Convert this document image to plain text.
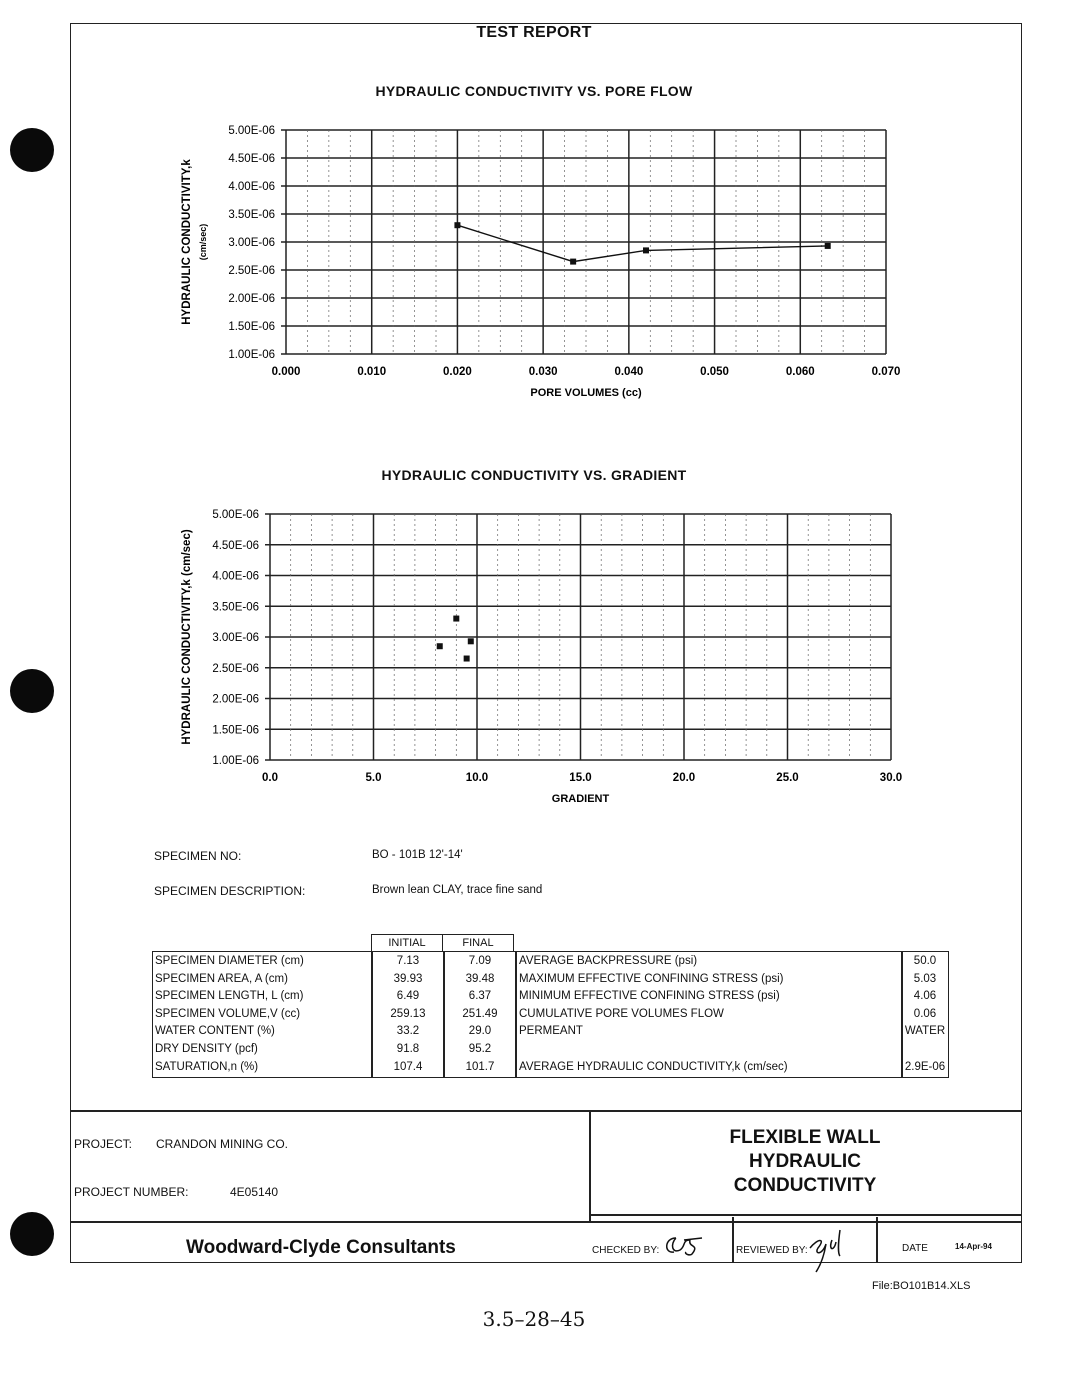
TEST REPORT
HYDRAULIC CONDUCTIVITY VS. PORE FLOW
1.00E-06
1.50E-06
2.00E-06
2.50E-06
3.00E-06
3.50E-06
4.00E-06
4.50E-06
5.00E-06
0.000	0.010	0.020	0.030	0.040	0.050	0.060	0.070
PORE VOLUMES (cc)
HYDRAULIC CONDUCTIVITY,k (cm/sec)
HYDRAULIC CONDUCTIVITY VS. GRADIENT
1.00E-06
1.50E-06
2.00E-06
2.50E-06
3.00E-06
3.50E-06
4.00E-06
4.50E-06
5.00E-06
0.0	5.0	10.0	15.0	20.0	25.0	30.0
GRADIENT
HYDRAULIC CONDUCTIVITY,k (cm/sec)
SPECIMEN NO:	BO - 101B 12'-14'
SPECIMEN DESCRIPTION:	Brown lean CLAY, trace fine sand
INITIAL	FINAL
SPECIMEN DIAMETER (cm)	7.13	7.09	AVERAGE BACKPRESSURE (psi)	50.0
SPECIMEN AREA, A (cm)	39.93	39.48	MAXIMUM EFFECTIVE CONFINING STRESS (psi)	5.03
SPECIMEN LENGTH, L (cm)	6.49	6.37	MINIMUM EFFECTIVE CONFINING STRESS (psi)	4.06
SPECIMEN VOLUME,V (cc)	259.13	251.49	CUMULATIVE PORE VOLUMES FLOW	0.06
WATER CONTENT (%)	33.2	29.0	PERMEANT	WATER
DRY DENSITY (pcf)	91.8	95.2
SATURATION,n (%)	107.4	101.7	AVERAGE HYDRAULIC CONDUCTIVITY,k (cm/sec)	2.9E-06
PROJECT: CRANDON MINING CO.
PROJECT NUMBER:	4E05140
FLEXIBLE WALL
HYDRAULIC
CONDUCTIVITY
Woodward-Clyde Consultants	CHECKED BY:	REVIEWED BY:	DATE	14-Apr-94
File:BO101B14.XLS
3.5–28–45
